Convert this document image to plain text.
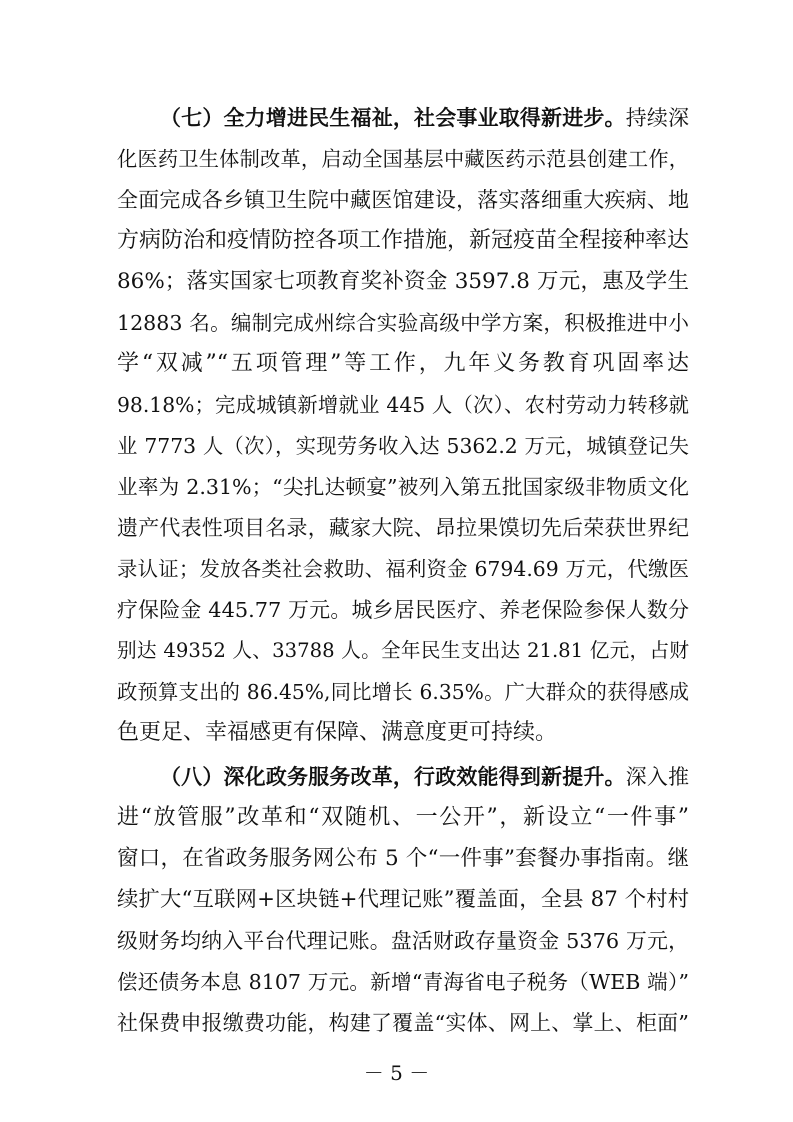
（七）全力增进民生福祉，社会事业取得新进步。持续深
化医药卫生体制改革，启动全国基层中藏医药示范县创建工作，
全面完成各乡镇卫生院中藏医馆建设，落实落细重大疾病、地
方病防治和疫情防控各项工作措施，新冠疫苗全程接种率达
86%；落实国家七项教育奖补资金 3597.8 万元，惠及学生
12883 名。编制完成州综合实验高级中学方案，积极推进中小
学“双减”“五项管理”等工作，九年义务教育巩固率达
98.18%；完成城镇新增就业 445 人（次）、农村劳动力转移就
业 7773 人（次），实现劳务收入达 5362.2 万元，城镇登记失
业率为 2.31%；“尖扎达顿宴”被列入第五批国家级非物质文化
遗产代表性项目名录，藏家大院、昂拉果馍切先后荣获世界纪
录认证；发放各类社会救助、福利资金 6794.69 万元，代缴医
疗保险金 445.77 万元。城乡居民医疗、养老保险参保人数分
别达 49352 人、33788 人。全年民生支出达 21.81 亿元，占财
政预算支出的 86.45%,同比增长 6.35%。广大群众的获得感成
色更足、幸福感更有保障、满意度更可持续。
（八）深化政务服务改革，行政效能得到新提升。深入推
进“放管服”改革和“双随机、一公开”，新设立“一件事”
窗口，在省政务服务网公布 5 个“一件事”套餐办事指南。继
续扩大“互联网+区块链+代理记账”覆盖面，全县 87 个村村
级财务均纳入平台代理记账。盘活财政存量资金 5376 万元，
偿还债务本息 8107 万元。新增“青海省电子税务（WEB 端）”
社保费申报缴费功能，构建了覆盖“实体、网上、掌上、柜面”
－ 5 －
